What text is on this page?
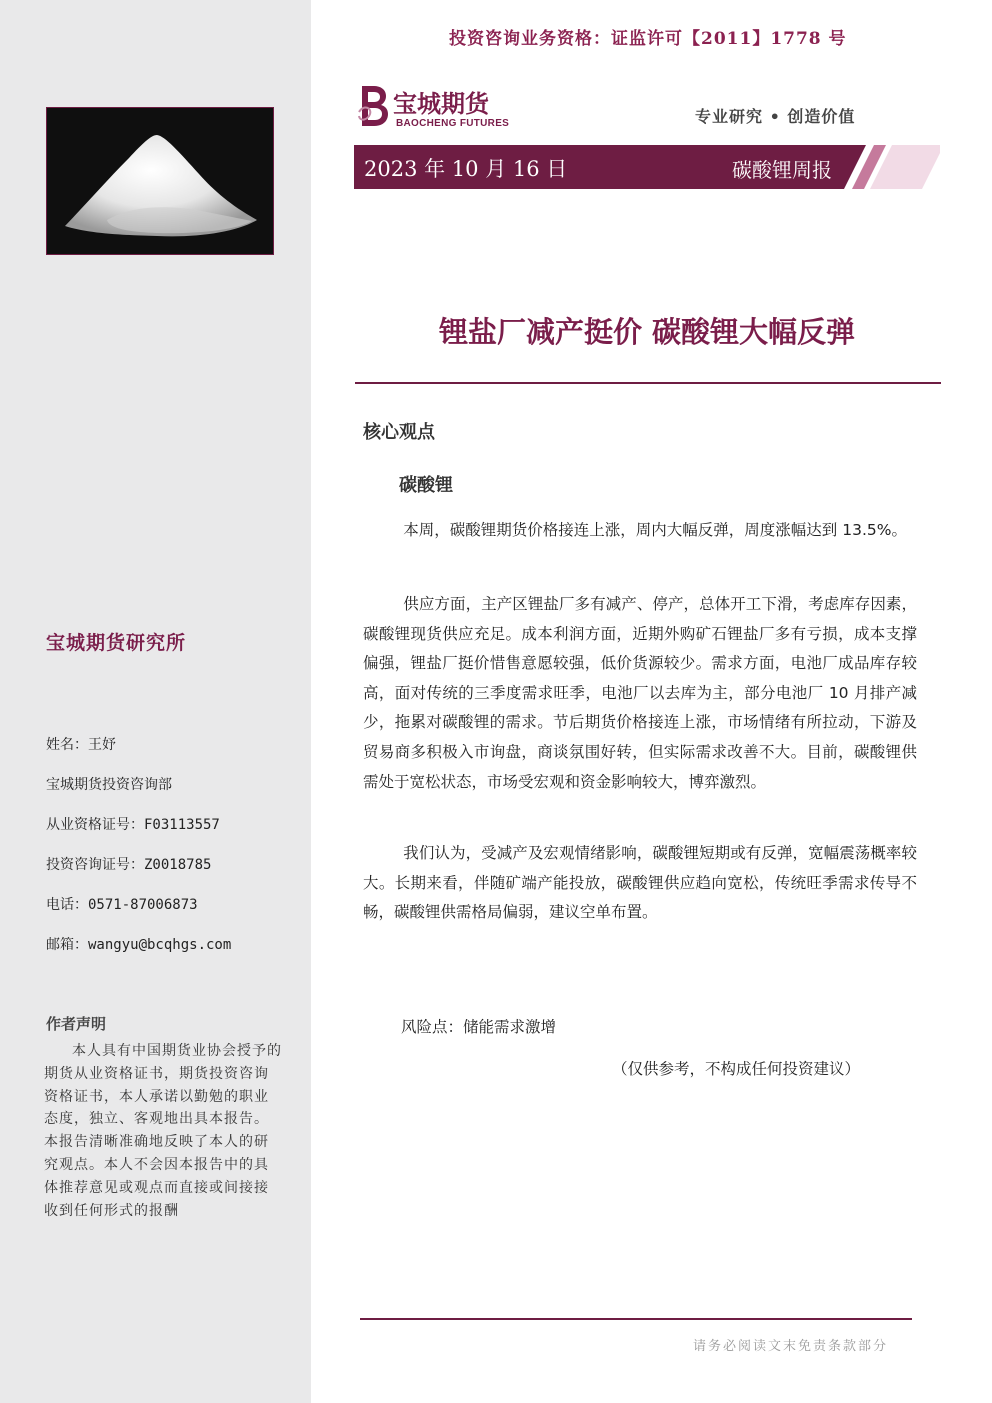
宝城期货研究所
姓名：王妤
宝城期货投资咨询部
从业资格证号：F03113557
投资咨询证号：Z0018785
电话：0571-87006873
邮箱：wangyu@bcqhgs.com
作者声明
本人具有中国期货业协会授予的期货从业资格证书，期货投资咨询资格证书，本人承诺以勤勉的职业态度，独立、客观地出具本报告。本报告清晰准确地反映了本人的研究观点。本人不会因本报告中的具体推荐意见或观点而直接或间接接收到任何形式的报酬
投资咨询业务资格：证监许可【2011】1778 号
宝城期货
BAOCHENG FUTURES	专业研究 • 创造价值
2023 年 10 月 16 日	碳酸锂周报
锂盐厂减产挺价 碳酸锂大幅反弹
核心观点
碳酸锂
本周，碳酸锂期货价格接连上涨，周内大幅反弹，周度涨幅达到 13.5%。
供应方面，主产区锂盐厂多有减产、停产，总体开工下滑，考虑库存因素，碳酸锂现货供应充足。成本利润方面，近期外购矿石锂盐厂多有亏损，成本支撑偏强，锂盐厂挺价惜售意愿较强，低价货源较少。需求方面，电池厂成品库存较高，面对传统的三季度需求旺季，电池厂以去库为主，部分电池厂 10 月排产减少，拖累对碳酸锂的需求。节后期货价格接连上涨，市场情绪有所拉动，下游及贸易商多积极入市询盘，商谈氛围好转，但实际需求改善不大。目前，碳酸锂供需处于宽松状态，市场受宏观和资金影响较大，博弈激烈。
我们认为，受减产及宏观情绪影响，碳酸锂短期或有反弹，宽幅震荡概率较大。长期来看，伴随矿端产能投放，碳酸锂供应趋向宽松，传统旺季需求传导不畅，碳酸锂供需格局偏弱，建议空单布置。
风险点：储能需求激增
（仅供参考，不构成任何投资建议）
请务必阅读文末免责条款部分
